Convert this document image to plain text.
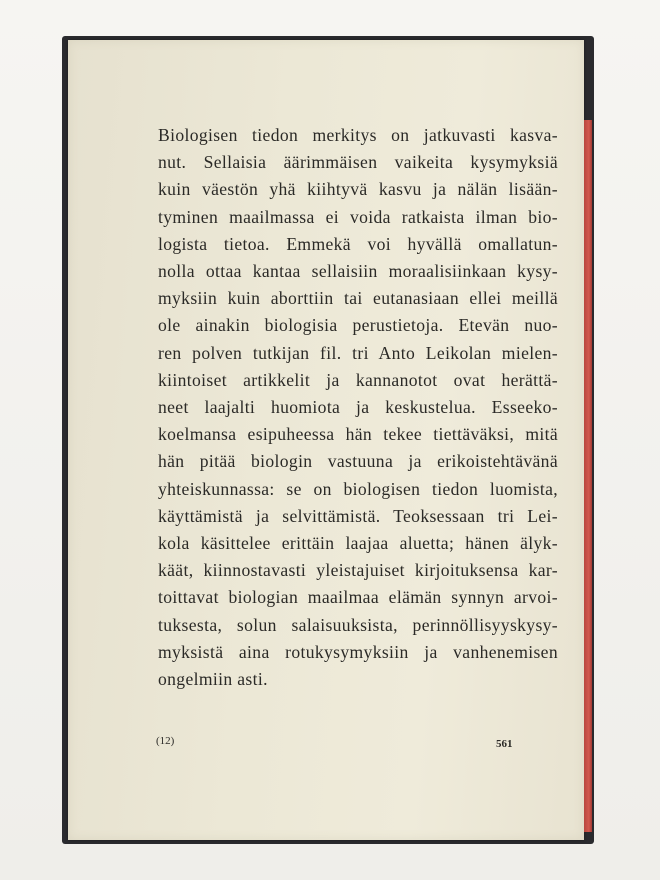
Biologisen tiedon merkitys on jatkuvasti kasva-
nut. Sellaisia äärimmäisen vaikeita kysymyksiä
kuin väestön yhä kiihtyvä kasvu ja nälän lisään-
tyminen maailmassa ei voida ratkaista ilman bio-
logista tietoa. Emmekä voi hyvällä omallatun-
nolla ottaa kantaa sellaisiin moraalisiinkaan kysy-
myksiin kuin aborttiin tai eutanasiaan ellei meillä
ole ainakin biologisia perustietoja. Etevän nuo-
ren polven tutkijan fil. tri Anto Leikolan mielen-
kiintoiset artikkelit ja kannanotot ovat herättä-
neet laajalti huomiota ja keskustelua. Esseeko-
koelmansa esipuheessa hän tekee tiettäväksi, mitä
hän pitää biologin vastuuna ja erikoistehtävänä
yhteiskunnassa: se on biologisen tiedon luomista,
käyttämistä ja selvittämistä. Teoksessaan tri Lei-
kola käsittelee erittäin laajaa aluetta; hänen älyk-
käät, kiinnostavasti yleistajuiset kirjoituksensa kar-
toittavat biologian maailmaa elämän synnyn arvoi-
tuksesta, solun salaisuuksista, perinnöllisyyskysy-
myksistä aina rotukysymyksiin ja vanhenemisen
ongelmiin asti.
(12)	561
